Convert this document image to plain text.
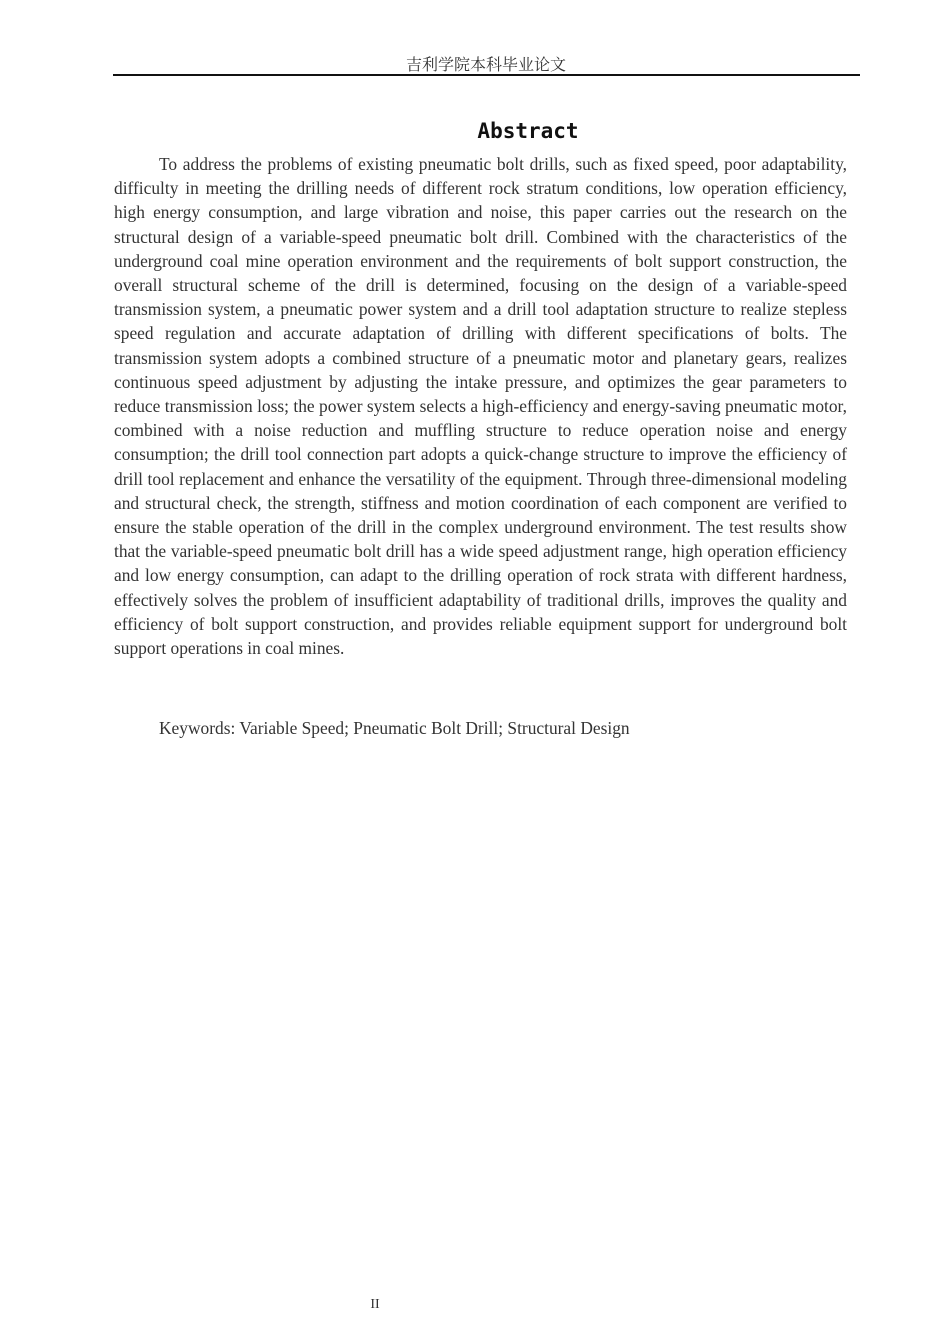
吉利学院本科毕业论文
Abstract

To address the problems of existing pneumatic bolt drills, such as fixed speed, poor adaptability, difficulty in meeting the drilling needs of different rock stratum conditions, low operation efficiency, high energy consumption, and large vibration and noise, this paper carries out the research on the structural design of a variable-speed pneumatic bolt drill. Combined with the characteristics of the underground coal mine operation environment and the requirements of bolt support construction, the overall structural scheme of the drill is determined, focusing on the design of a variable-speed transmission system, a pneumatic power system and a drill tool adaptation structure to realize stepless speed regulation and accurate adaptation of drilling with different specifications of bolts. The transmission system adopts a combined structure of a pneumatic motor and planetary gears, realizes continuous speed adjustment by adjusting the intake pressure, and optimizes the gear parameters to reduce transmission loss; the power system selects a high-efficiency and energy-saving pneumatic motor, combined with a noise reduction and muffling structure to reduce operation noise and energy consumption; the drill tool connection part adopts a quick-change structure to improve the efficiency of drill tool replacement and enhance the versatility of the equipment. Through three-dimensional modeling and structural check, the strength, stiffness and motion coordination of each component are verified to ensure the stable operation of the drill in the complex underground environment. The test results show that the variable-speed pneumatic bolt drill has a wide speed adjustment range, high operation efficiency and low energy consumption, can adapt to the drilling operation of rock strata with different hardness, effectively solves the problem of insufficient adaptability of traditional drills, improves the quality and efficiency of bolt support construction, and provides reliable equipment support for underground bolt support operations in coal mines.

Keywords: Variable Speed; Pneumatic Bolt Drill; Structural Design

II
